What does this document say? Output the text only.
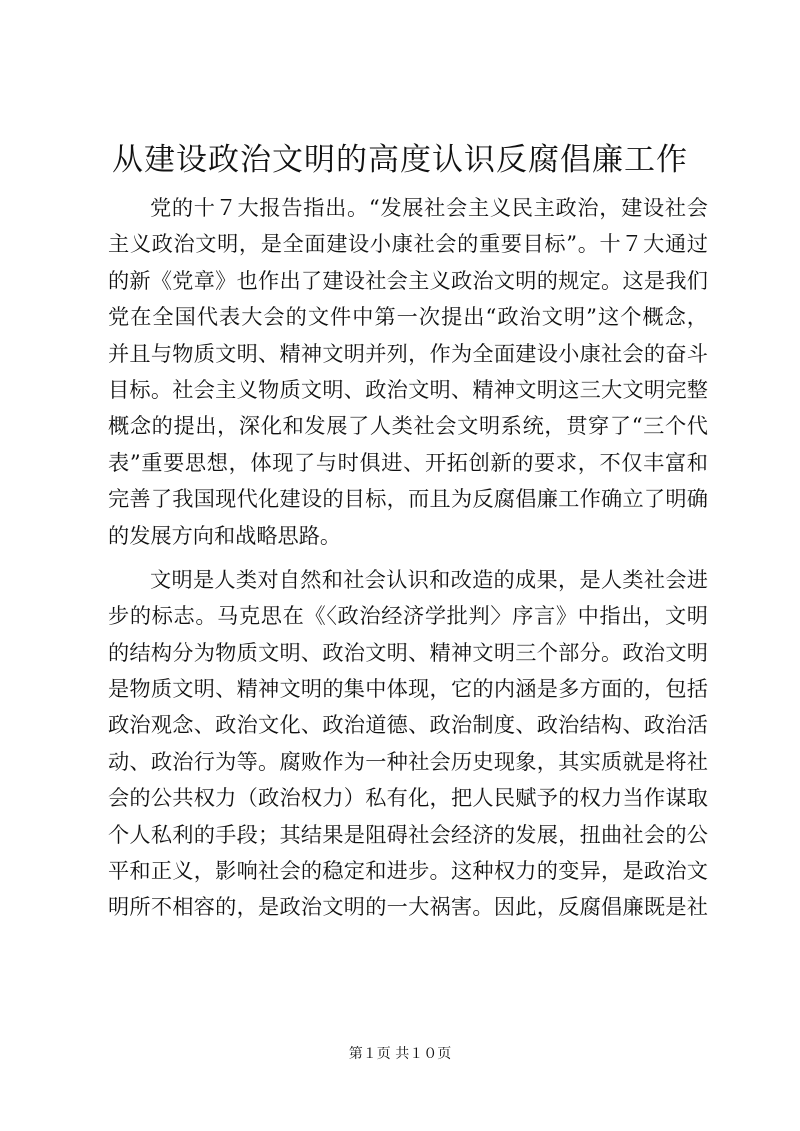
从建设政治文明的高度认识反腐倡廉工作
党的十７大报告指出。“发展社会主义民主政治，建设社会
主义政治文明，是全面建设小康社会的重要目标”。十７大通过
的新《党章》也作出了建设社会主义政治文明的规定。这是我们
党在全国代表大会的文件中第一次提出“政治文明”这个概念，
并且与物质文明、精神文明并列，作为全面建设小康社会的奋斗
目标。社会主义物质文明、政治文明、精神文明这三大文明完整
概念的提出，深化和发展了人类社会文明系统，贯穿了“三个代
表”重要思想，体现了与时俱进、开拓创新的要求，不仅丰富和
完善了我国现代化建设的目标，而且为反腐倡廉工作确立了明确
的发展方向和战略思路。
文明是人类对自然和社会认识和改造的成果，是人类社会进
步的标志。马克思在《〈政治经济学批判〉序言》中指出，文明
的结构分为物质文明、政治文明、精神文明三个部分。政治文明
是物质文明、精神文明的集中体现，它的内涵是多方面的，包括
政治观念、政治文化、政治道德、政治制度、政治结构、政治活
动、政治行为等。腐败作为一种社会历史现象，其实质就是将社
会的公共权力（政治权力）私有化，把人民赋予的权力当作谋取
个人私利的手段；其结果是阻碍社会经济的发展，扭曲社会的公
平和正义，影响社会的稳定和进步。这种权力的变异，是政治文
明所不相容的，是政治文明的一大祸害。因此，反腐倡廉既是社
第１页 共１０页
